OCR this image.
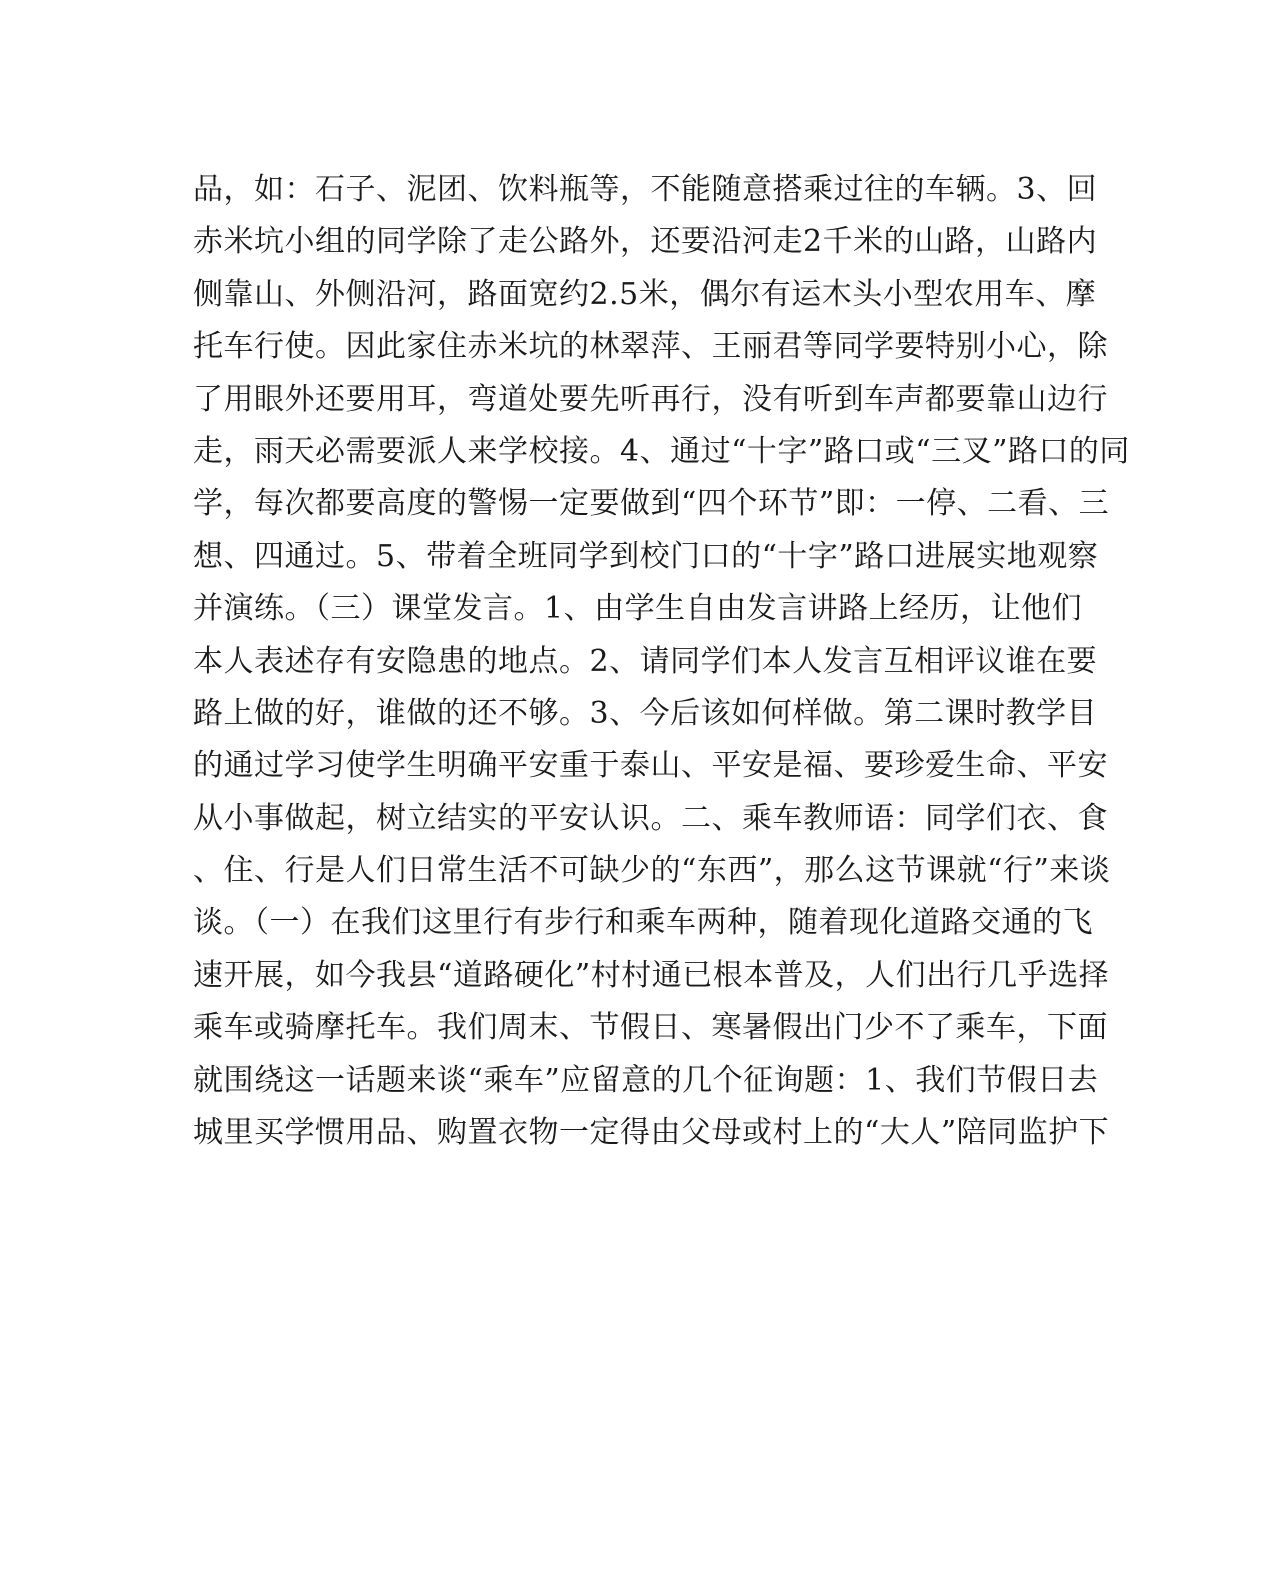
品，如：石子、泥团、饮料瓶等，不能随意搭乘过往的车辆。3、回
赤米坑小组的同学除了走公路外，还要沿河走2千米的山路，山路内
侧靠山、外侧沿河，路面宽约2.5米，偶尔有运木头小型农用车、摩
托车行使。因此家住赤米坑的林翠萍、王丽君等同学要特别小心，除
了用眼外还要用耳，弯道处要先听再行，没有听到车声都要靠山边行
走，雨天必需要派人来学校接。4、通过“十字”路口或“三叉”路口的同
学，每次都要高度的警惕一定要做到“四个环节”即：一停、二看、三
想、四通过。5、带着全班同学到校门口的“十字”路口进展实地观察
并演练。（三）课堂发言。1、由学生自由发言讲路上经历，让他们
本人表述存有安隐患的地点。2、请同学们本人发言互相评议谁在要
路上做的好，谁做的还不够。3、今后该如何样做。第二课时教学目
的通过学习使学生明确平安重于泰山、平安是福、要珍爱生命、平安
从小事做起，树立结实的平安认识。二、乘车教师语：同学们衣、食
、住、行是人们日常生活不可缺少的“东西”，那么这节课就“行”来谈
谈。（一）在我们这里行有步行和乘车两种，随着现化道路交通的飞
速开展，如今我县“道路硬化”村村通已根本普及，人们出行几乎选择
乘车或骑摩托车。我们周末、节假日、寒暑假出门少不了乘车，下面
就围绕这一话题来谈“乘车”应留意的几个征询题：1、我们节假日去
城里买学惯用品、购置衣物一定得由父母或村上的“大人”陪同监护下
